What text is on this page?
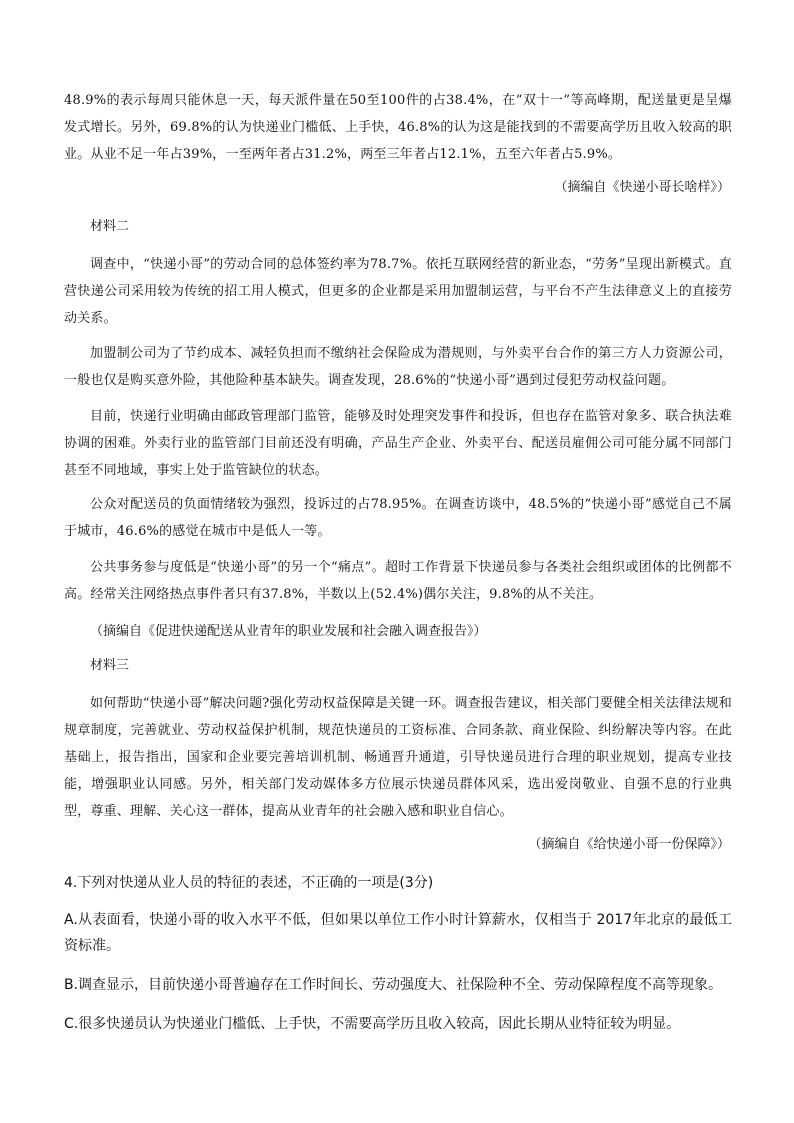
48.9%的表示每周只能休息一天，每天派件量在50至100件的占38.4%，在“双十一”等高峰期，配送量更是呈爆发式增长。另外，69.8%的认为快递业门槛低、上手快，46.8%的认为这是能找到的不需要高学历且收入较高的职业。从业不足一年占39%，一至两年者占31.2%，两至三年者占12.1%，五至六年者占5.9%。
（摘编自《快递小哥长啥样》）
材料二
调查中，“快递小哥”的劳动合同的总体签约率为78.7%。依托互联网经营的新业态，“劳务”呈现出新模式。直营快递公司采用较为传统的招工用人模式，但更多的企业都是采用加盟制运营，与平台不产生法律意义上的直接劳动关系。
加盟制公司为了节约成本、减轻负担而不缴纳社会保险成为潜规则，与外卖平台合作的第三方人力资源公司，一般也仅是购买意外险，其他险种基本缺失。调查发现，28.6%的“快递小哥”遇到过侵犯劳动权益问题。
目前，快递行业明确由邮政管理部门监管，能够及时处理突发事件和投诉，但也存在监管对象多、联合执法难协调的困难。外卖行业的监管部门目前还没有明确，产品生产企业、外卖平台、配送员雇佣公司可能分属不同部门甚至不同地域，事实上处于监管缺位的状态。
公众对配送员的负面情绪较为强烈，投诉过的占78.95%。在调查访谈中，48.5%的“快递小哥”感觉自己不属于城市，46.6%的感觉在城市中是低人一等。
公共事务参与度低是“快递小哥”的另一个“痛点”。超时工作背景下快递员参与各类社会组织或团体的比例都不高。经常关注网络热点事件者只有37.8%，半数以上(52.4%)偶尔关注，9.8%的从不关注。
（摘编自《促进快递配送从业青年的职业发展和社会融入调查报告》）
材料三
如何帮助“快递小哥”解决问题?强化劳动权益保障是关键一环。调查报告建议，相关部门要健全相关法律法规和规章制度，完善就业、劳动权益保护机制，规范快递员的工资标准、合同条款、商业保险、纠纷解决等内容。在此基础上，报告指出，国家和企业要完善培训机制、畅通晋升通道，引导快递员进行合理的职业规划，提高专业技能，增强职业认同感。另外，相关部门发动媒体多方位展示快递员群体风采，选出爱岗敬业、自强不息的行业典型，尊重、理解、关心这一群体，提高从业青年的社会融入感和职业自信心。
（摘编自《给快递小哥一份保障》）
4.下列对快递从业人员的特征的表述，不正确的一项是(3分)
A.从表面看，快递小哥的收入水平不低，但如果以单位工作小时计算薪水，仅相当于 2017年北京的最低工资标准。
B.调查显示，目前快递小哥普遍存在工作时间长、劳动强度大、社保险种不全、劳动保障程度不高等现象。
C.很多快递员认为快递业门槛低、上手快，不需要高学历且收入较高，因此长期从业特征较为明显。
